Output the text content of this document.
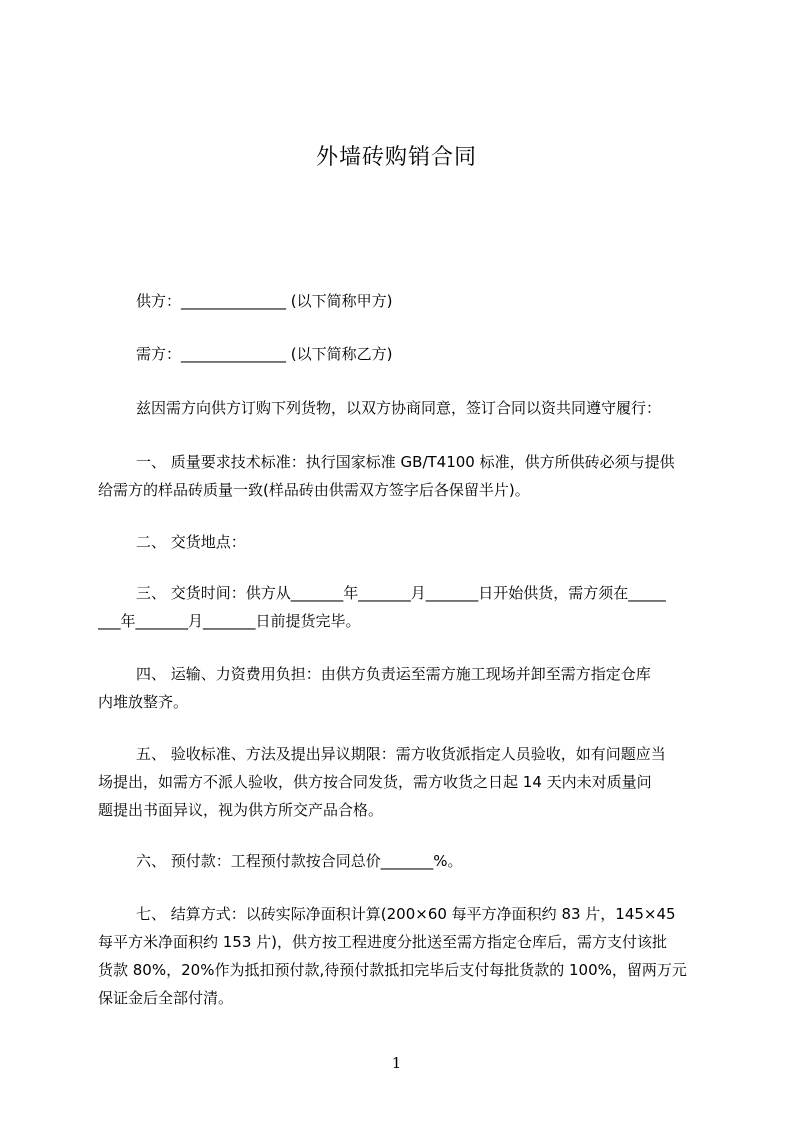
外墙砖购销合同
供方：______________ (以下简称甲方)
需方：______________ (以下简称乙方)
兹因需方向供方订购下列货物，以双方协商同意，签订合同以资共同遵守履行：
一、 质量要求技术标准：执行国家标准 GB/T4100 标准，供方所供砖必须与提供
给需方的样品砖质量一致(样品砖由供需双方签字后各保留半片)。
二、 交货地点：
三、 交货时间：供方从_______年_______月_______日开始供货，需方须在_____
___年_______月_______日前提货完毕。
四、 运输、力资费用负担：由供方负责运至需方施工现场并卸至需方指定仓库
内堆放整齐。
五、 验收标准、方法及提出异议期限：需方收货派指定人员验收，如有问题应当
场提出，如需方不派人验收，供方按合同发货，需方收货之日起 14 天内未对质量问
题提出书面异议，视为供方所交产品合格。
六、 预付款：工程预付款按合同总价_______%。
七、 结算方式：以砖实际净面积计算(200×60 每平方净面积约 83 片，145×45
每平方米净面积约 153 片)，供方按工程进度分批送至需方指定仓库后，需方支付该批
货款 80%，20%作为抵扣预付款,待预付款抵扣完毕后支付每批货款的 100%，留两万元
保证金后全部付清。
1
